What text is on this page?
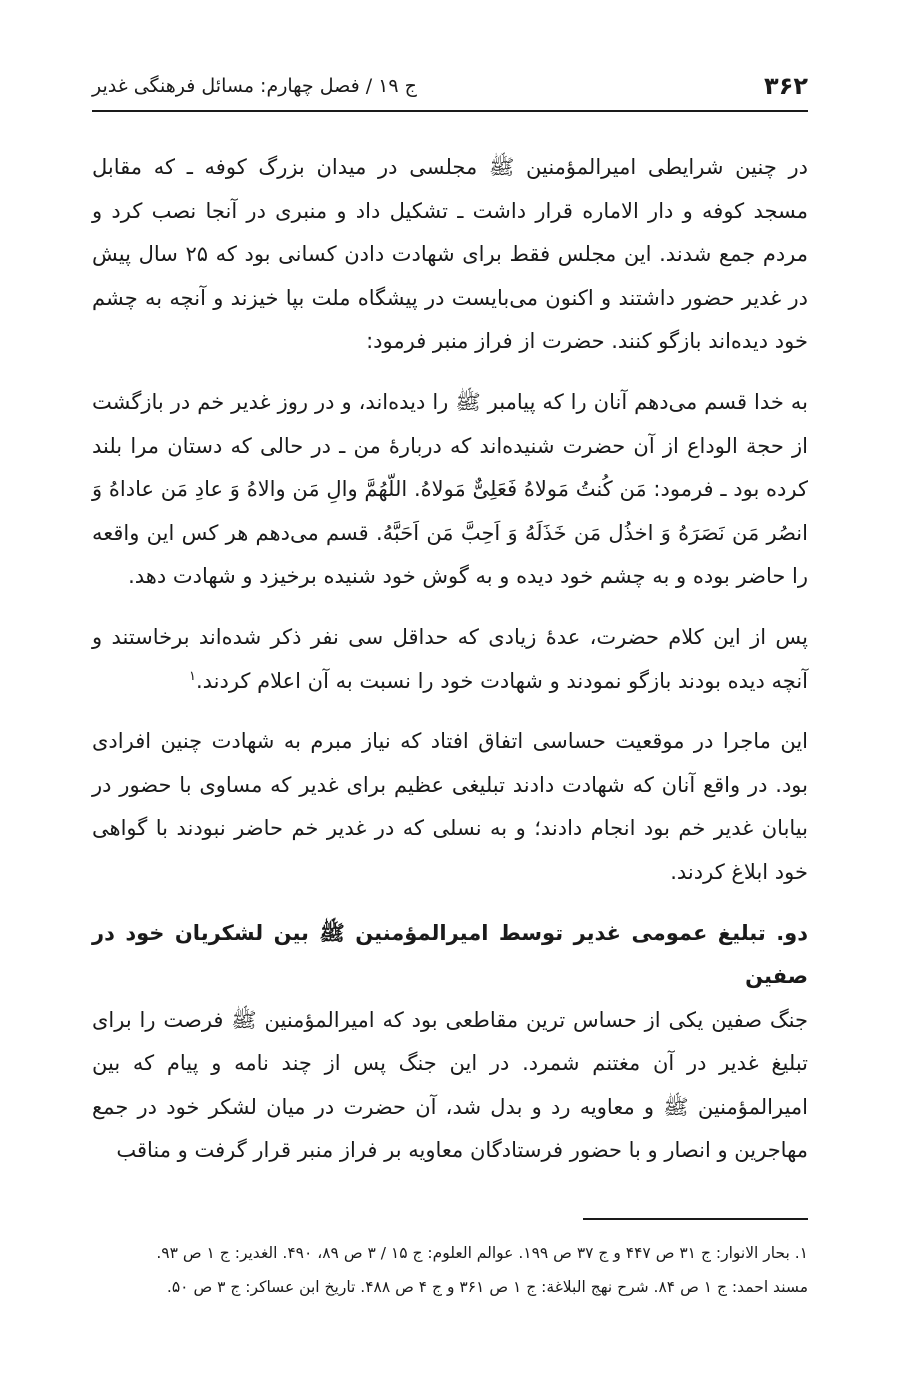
۳۶۲
ج ۱۹ / فصل چهارم: مسائل فرهنگی غدیر

در چنین شرایطی امیرالمؤمنین ﷺ مجلسی در میدان بزرگ کوفه ـ که مقابل مسجد کوفه و دار الاماره قرار داشت ـ تشکیل داد و منبری در آنجا نصب کرد و مردم جمع شدند. این مجلس فقط برای شهادت دادن کسانی بود که ۲۵ سال پیش در غدیر حضور داشتند و اکنون می‌بایست در پیشگاه ملت بپا خیزند و آنچه به چشم خود دیده‌اند بازگو کنند. حضرت از فراز منبر فرمود:

به خدا قسم می‌دهم آنان را که پیامبر ﷺ را دیده‌اند، و در روز غدیر خم در بازگشت از حجة الوداع از آن حضرت شنیده‌اند که دربارهٔ من ـ در حالی که دستان مرا بلند کرده بود ـ فرمود: مَن کُنتُ مَولاهُ فَعَلِیٌّ مَولاهُ. اللّهُمَّ والِ مَن والاهُ وَ عادِ مَن عاداهُ وَ انصُر مَن نَصَرَهُ وَ اخذُل مَن خَذَلَهُ وَ اَحِبَّ مَن اَحَبَّهُ. قسم می‌دهم هر کس این واقعه را حاضر بوده و به چشم خود دیده و به گوش خود شنیده برخیزد و شهادت دهد.

پس از این کلام حضرت، عدهٔ زیادی که حداقل سی نفر ذکر شده‌اند برخاستند و آنچه دیده بودند بازگو نمودند و شهادت خود را نسبت به آن اعلام کردند.$^۱$

این ماجرا در موقعیت حساسی اتفاق افتاد که نیاز مبرم به شهادت چنین افرادی بود. در واقع آنان که شهادت دادند تبلیغی عظیم برای غدیر که مساوی با حضور در بیابان غدیر خم بود انجام دادند؛ و به نسلی که در غدیر خم حاضر نبودند با گواهی خود ابلاغ کردند.

دو. تبلیغ عمومی غدیر توسط امیرالمؤمنین ﷺ بین لشکریان خود در صفین

جنگ صفین یکی از حساس ترین مقاطعی بود که امیرالمؤمنین ﷺ فرصت را برای تبلیغ غدیر در آن مغتنم شمرد. در این جنگ پس از چند نامه و پیام که بین امیرالمؤمنین ﷺ و معاویه رد و بدل شد، آن حضرت در میان لشکر خود در جمع مهاجرین و انصار و با حضور فرستادگان معاویه بر فراز منبر قرار گرفت و مناقب

۱. بحار الانوار: ج ۳۱ ص ۴۴۷ و ج ۳۷ ص ۱۹۹. عوالم العلوم: ج ۱۵ / ۳ ص ۸۹، ۴۹۰. الغدیر: ج ۱ ص ۹۳.

مسند احمد: ج ۱ ص ۸۴. شرح نهج البلاغة: ج ۱ ص ۳۶۱ و ج ۴ ص ۴۸۸. تاریخ ابن عساکر: ج ۳ ص ۵۰.
